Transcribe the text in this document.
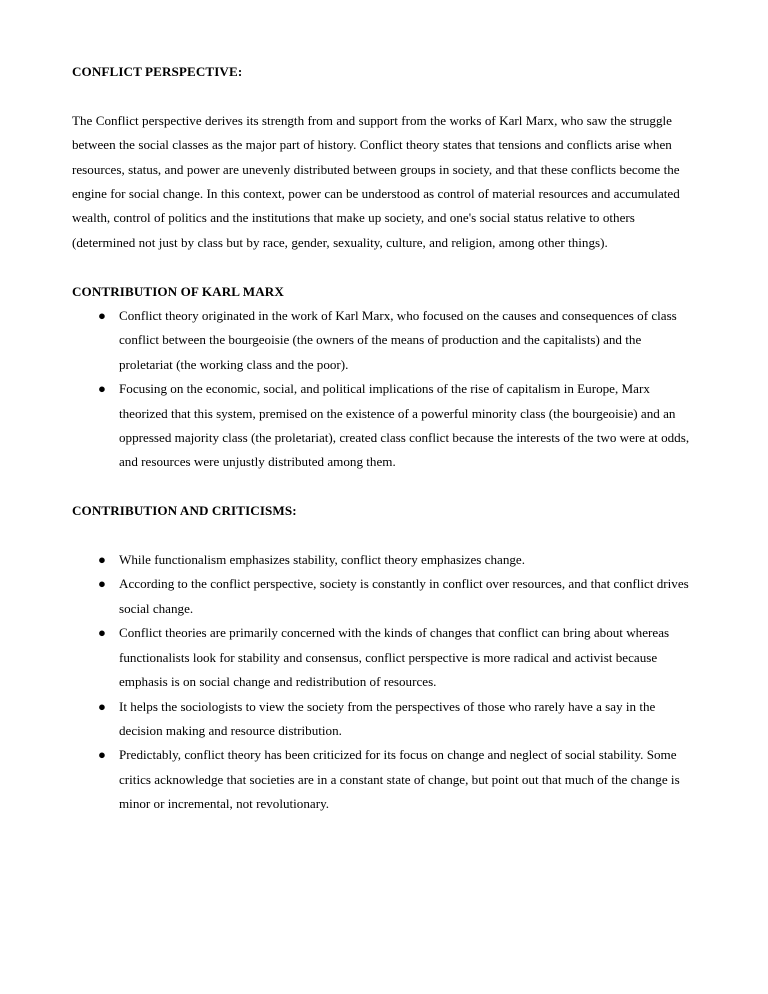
CONFLICT PERSPECTIVE:

The Conflict perspective derives its strength from and support from the works of Karl Marx, who saw the struggle between the social classes as the major part of history. Conflict theory states that tensions and conflicts arise when resources, status, and power are unevenly distributed between groups in society, and that these conflicts become the engine for social change. In this context, power can be understood as control of material resources and accumulated wealth, control of politics and the institutions that make up society, and one's social status relative to others (determined not just by class but by race, gender, sexuality, culture, and religion, among other things).

CONTRIBUTION OF KARL MARX
● Conflict theory originated in the work of Karl Marx, who focused on the causes and consequences of class conflict between the bourgeoisie (the owners of the means of production and the capitalists) and the proletariat (the working class and the poor).
● Focusing on the economic, social, and political implications of the rise of capitalism in Europe, Marx theorized that this system, premised on the existence of a powerful minority class (the bourgeoisie) and an oppressed majority class (the proletariat), created class conflict because the interests of the two were at odds, and resources were unjustly distributed among them.
CONTRIBUTION AND CRITICISMS:
● While functionalism emphasizes stability, conflict theory emphasizes change.
● According to the conflict perspective, society is constantly in conflict over resources, and that conflict drives social change.
● Conflict theories are primarily concerned with the kinds of changes that conflict can bring about whereas functionalists look for stability and consensus, conflict perspective is more radical and activist because emphasis is on social change and redistribution of resources.
● It helps the sociologists to view the society from the perspectives of those who rarely have a say in the decision making and resource distribution.
● Predictably, conflict theory has been criticized for its focus on change and neglect of social stability. Some critics acknowledge that societies are in a constant state of change, but point out that much of the change is minor or incremental, not revolutionary.
